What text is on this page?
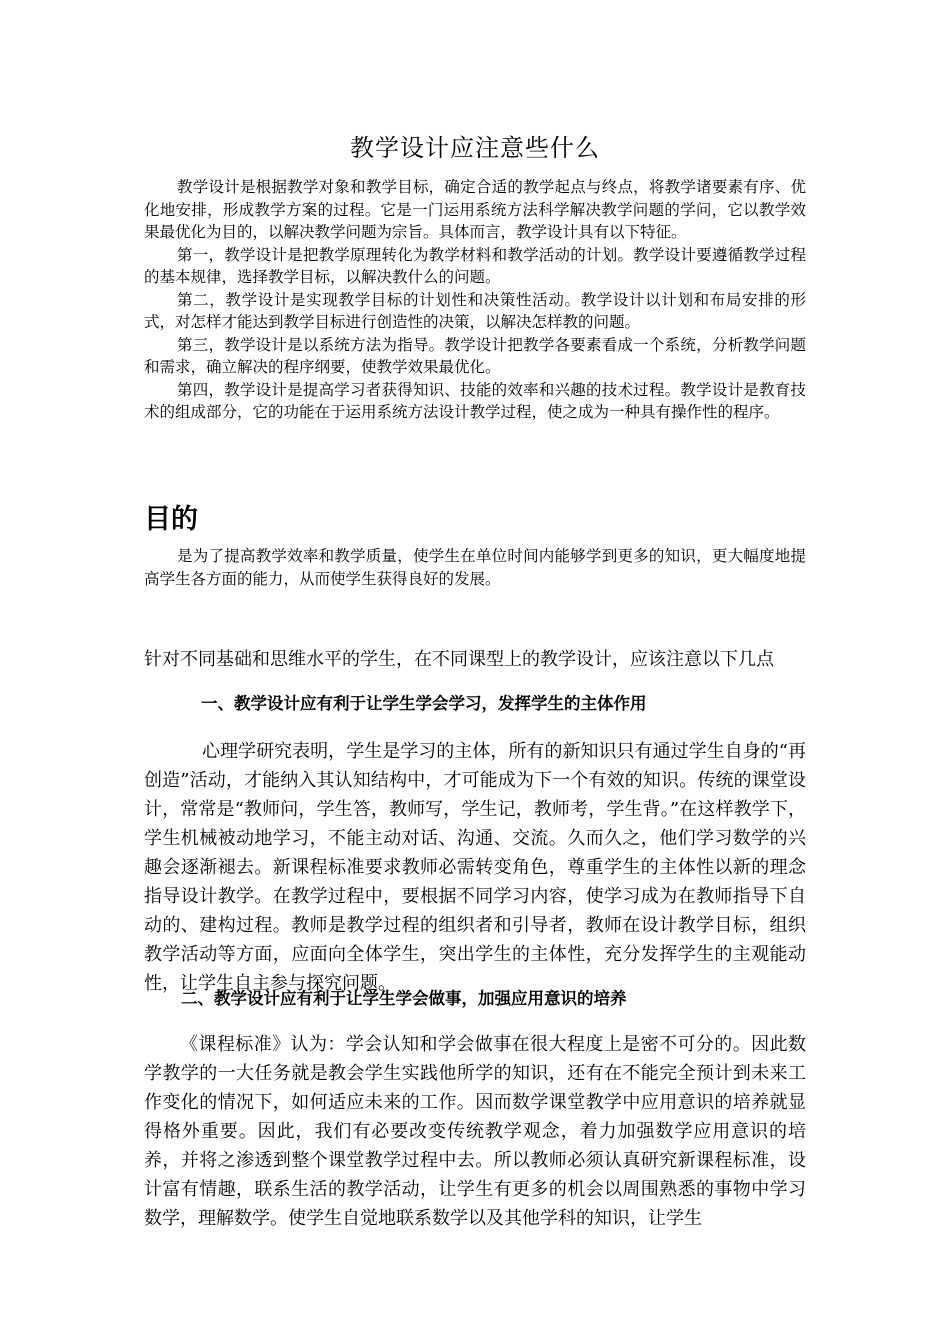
教学设计应注意些什么

教学设计是根据教学对象和教学目标，确定合适的教学起点与终点，将教学诸要素有序、优化地安排，形成教学方案的过程。它是一门运用系统方法科学解决教学问题的学问，它以教学效果最优化为目的，以解决教学问题为宗旨。具体而言，教学设计具有以下特征。

第一，教学设计是把教学原理转化为教学材料和教学活动的计划。教学设计要遵循教学过程的基本规律，选择教学目标，以解决教什么的问题。

第二，教学设计是实现教学目标的计划性和决策性活动。教学设计以计划和布局安排的形式，对怎样才能达到教学目标进行创造性的决策，以解决怎样教的问题。

第三，教学设计是以系统方法为指导。教学设计把教学各要素看成一个系统，分析教学问题和需求，确立解决的程序纲要，使教学效果最优化。

第四，教学设计是提高学习者获得知识、技能的效率和兴趣的技术过程。教学设计是教育技术的组成部分，它的功能在于运用系统方法设计教学过程，使之成为一种具有操作性的程序。

目的

是为了提高教学效率和教学质量，使学生在单位时间内能够学到更多的知识，更大幅度地提高学生各方面的能力，从而使学生获得良好的发展。

针对不同基础和思维水平的学生，在不同课型上的教学设计，应该注意以下几点

一、教学设计应有利于让学生学会学习，发挥学生的主体作用

心理学研究表明，学生是学习的主体，所有的新知识只有通过学生自身的“再创造”活动，才能纳入其认知结构中，才可能成为下一个有效的知识。传统的课堂设计，常常是“教师问，学生答，教师写，学生记，教师考，学生背。”在这样教学下，学生机械被动地学习，不能主动对话、沟通、交流。久而久之，他们学习数学的兴趣会逐渐褪去。新课程标准要求教师必需转变角色，尊重学生的主体性以新的理念指导设计教学。在教学过程中，要根据不同学习内容，使学习成为在教师指导下自动的、建构过程。教师是教学过程的组织者和引导者，教师在设计教学目标，组织教学活动等方面，应面向全体学生，突出学生的主体性，充分发挥学生的主观能动性，让学生自主参与探究问题。

二、教学设计应有利于让学生学会做事，加强应用意识的培养

《课程标准》认为：学会认知和学会做事在很大程度上是密不可分的。因此数学教学的一大任务就是教会学生实践他所学的知识，还有在不能完全预计到未来工作变化的情况下，如何适应未来的工作。因而数学课堂教学中应用意识的培养就显得格外重要。因此，我们有必要改变传统教学观念，着力加强数学应用意识的培养，并将之渗透到整个课堂教学过程中去。所以教师必须认真研究新课程标准，设计富有情趣，联系生活的教学活动，让学生有更多的机会以周围熟悉的事物中学习数学，理解数学。使学生自觉地联系数学以及其他学科的知识，让学生
